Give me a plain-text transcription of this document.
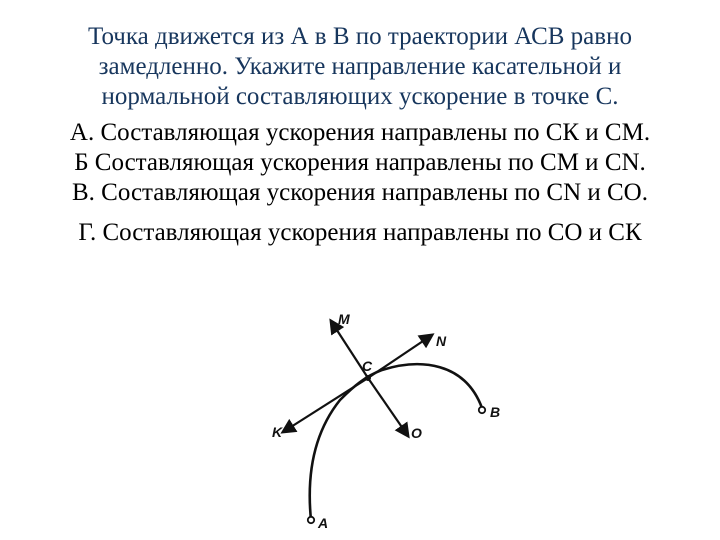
Точка движется из А в В по траектории АСВ равно
замедленно. Укажите направление касательной и
нормальной составляющих ускорение в точке С.
А. Составляющая ускорения направлены по СК и СМ.
Б Составляющая ускорения направлены по СМ и СN.
В. Составляющая ускорения направлены по СN и СО.
Г. Составляющая ускорения направлены по СО и СК
M
N
C
B
O
K
A
